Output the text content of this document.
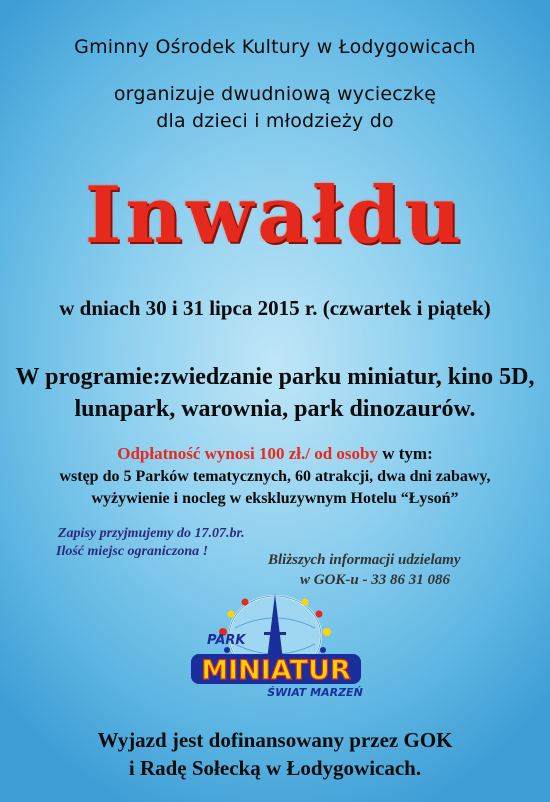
Gminny Ośrodek Kultury w Łodygowicach
organizuje dwudniową wycieczkę
dla dzieci i młodzieży do
Inwałdu
w dniach 30 i 31 lipca 2015 r. (czwartek i piątek)
W programie:zwiedzanie parku miniatur, kino 5D,
lunapark, warownia, park dinozaurów.
Odpłatność wynosi 100 zł./ od osoby w tym:
wstęp do 5 Parków tematycznych, 60 atrakcji, dwa dni zabawy,
wyżywienie i nocleg w ekskluzywnym Hotelu “Łysoń”
Zapisy przyjmujemy do 17.07.br.
Ilość miejsc ograniczona !
Bliższych informacji udzielamy
w GOK-u - 33 86 31 086
PARK
MINIATUR
ŚWIAT MARZEŃ
Wyjazd jest dofinansowany przez GOK
i Radę Sołecką w Łodygowicach.
